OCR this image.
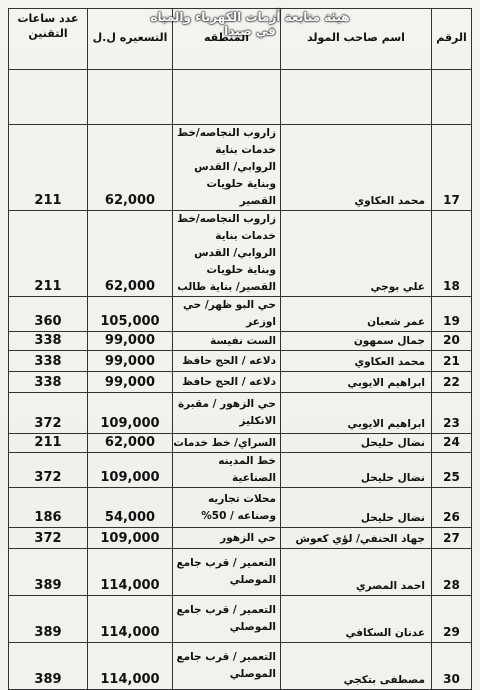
هيئة متابعة أزمات الكهرباء والمياه في صيدا	الرقم	اسم صاحب المولد	المنطقه	التسعيره ل.ل	عدد ساعات التقنين

17	محمد العكاوي	زاروب النجاصه/خط خدمات بناية الروابي/ القدس وبناية حلويات القصير	62,000	211
18	علي بوجي	زاروب النجاصه/خط خدمات بناية الروابي/ القدس وبناية حلويات القصير/ بناية طالب	62,000	211
19	عمر شعبان	حي البو ظهر/ حي اوزعر	105,000	360
20	جمال سمهون	الست نفيسة	99,000	338
21	محمد العكاوي	دلاعه / الحج حافظ	99,000	338
22	ابراهيم الايوبي	دلاعه / الحج حافظ	99,000	338
23	ابراهيم الايوبي	حي الزهور / مقبرة الانكليز	109,000	372
24	نضال حليحل	السراي/ خط خدمات	62,000	211
25	نضال حليحل	خط المدينه الصناعية	109,000	372
26	نضال حليحل	محلات تجاريه وصناعه / 50%	54,000	186
27	جهاد الحنفي/ لؤي كعوش	حي الزهور	109,000	372
28	احمد المصري	التعمير / قرب جامع الموصلي	114,000	389
29	عدنان السكافي	التعمير / قرب جامع الموصلي	114,000	389
30	مصطفى بتكجي	التعمير / قرب جامع الموصلي	114,000	389
